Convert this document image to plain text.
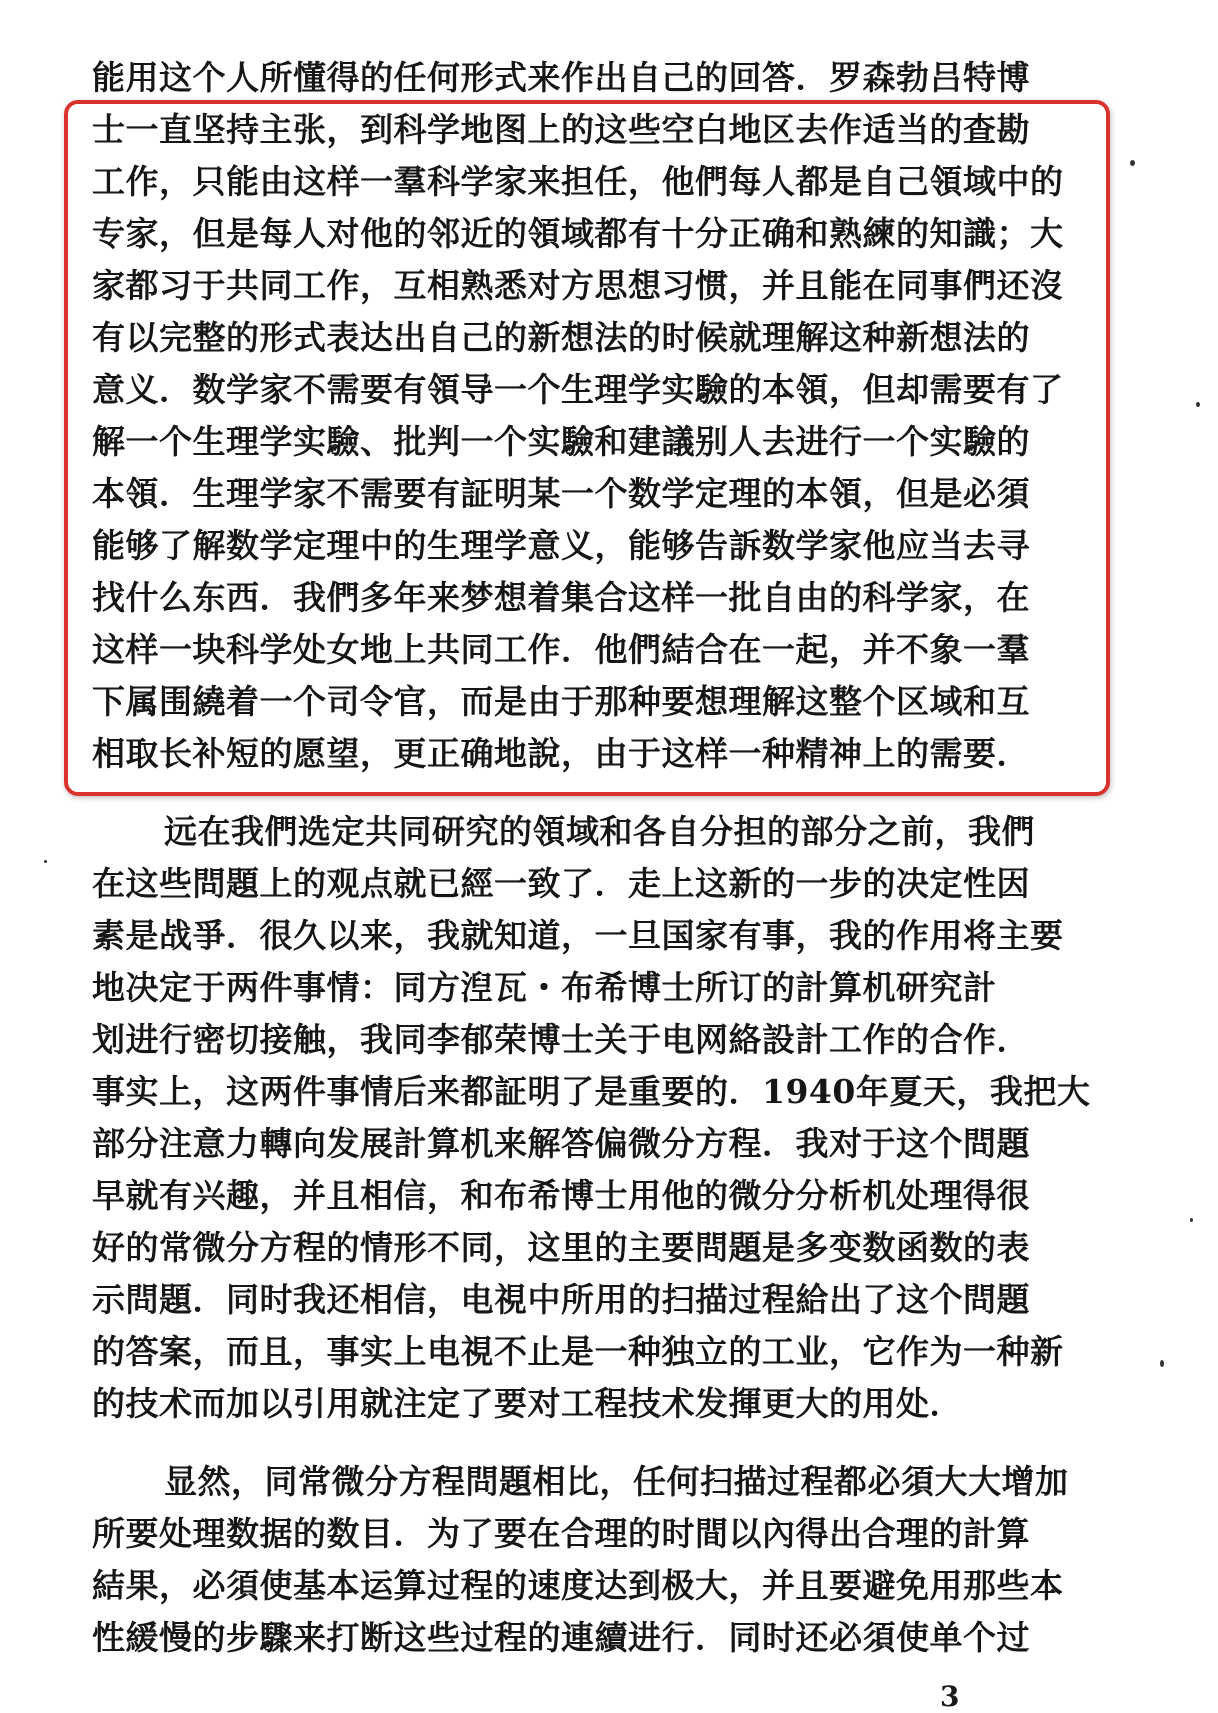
能用这个人所懂得的任何形式来作出自己的回答．罗森勃吕特博
士一直坚持主张，到科学地图上的这些空白地区去作适当的查勘
工作，只能由这样一羣科学家来担任，他們每人都是自己領域中的
专家，但是每人对他的邻近的領域都有十分正确和熟練的知識；大
家都习于共同工作，互相熟悉对方思想习惯，并且能在同事們还沒
有以完整的形式表达出自己的新想法的时候就理解这种新想法的
意义．数学家不需要有領导一个生理学实驗的本領，但却需要有了
解一个生理学实驗、批判一个实驗和建議别人去进行一个实驗的
本領．生理学家不需要有証明某一个数学定理的本領，但是必須
能够了解数学定理中的生理学意义，能够告訴数学家他应当去寻
找什么东西．我們多年来梦想着集合这样一批自由的科学家，在
这样一块科学处女地上共同工作．他們結合在一起，并不象一羣
下属围繞着一个司令官，而是由于那种要想理解这整个区域和互
相取长补短的愿望，更正确地說，由于这样一种精神上的需要．
远在我們选定共同研究的領域和各自分担的部分之前，我們
在这些問題上的观点就已經一致了．走上这新的一步的决定性因
素是战爭．很久以来，我就知道，一旦国家有事，我的作用将主要
地决定于两件事情：同方湼瓦・布希博士所订的計算机研究計
划进行密切接触，我同李郁荣博士关于电网絡設計工作的合作．
事实上，这两件事情后来都証明了是重要的．1940年夏天，我把大
部分注意力轉向发展計算机来解答偏微分方程．我对于这个問題
早就有兴趣，并且相信，和布希博士用他的微分分析机处理得很
好的常微分方程的情形不同，这里的主要問題是多变数函数的表
示問題．同时我还相信，电視中所用的扫描过程給出了这个問題
的答案，而且，事实上电視不止是一种独立的工业，它作为一种新
的技术而加以引用就注定了要对工程技术发揮更大的用处．
显然，同常微分方程問題相比，任何扫描过程都必須大大增加
所要处理数据的数目．为了要在合理的时間以內得出合理的計算
結果，必須使基本运算过程的速度达到极大，并且要避免用那些本
性緩慢的步驟来打断这些过程的連續进行．同时还必須使单个过
3
